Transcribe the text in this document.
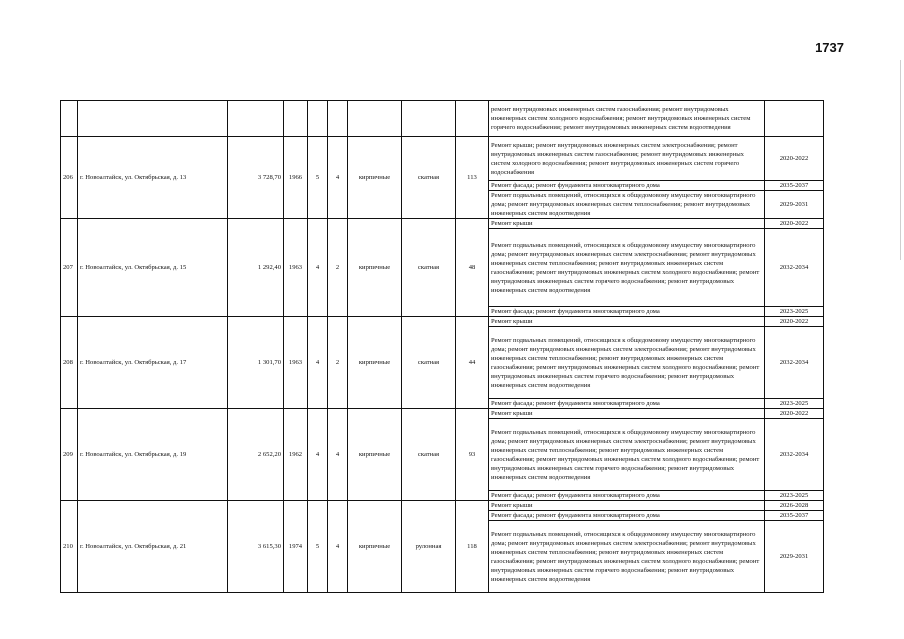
1737
									ремонт внутридомовых инженерных систем газоснабжения; ремонт внутридомовых инженерных систем холодного водоснабжения; ремонт внутридомовых инженерных систем горячего водоснабжения; ремонт внутридомовых инженерных систем водоотведения	
206	г. Новоалтайск, ул. Октябрьская, д. 13	3 728,70	1966	5	4	кирпичные	скатная	113	Ремонт крыши; ремонт внутридомовых инженерных систем электроснабжения; ремонт внутридомовых инженерных систем газоснабжения; ремонт внутридомовых инженерных систем холодного водоснабжения; ремонт внутридомовых инженерных систем горячего водоснабжения	2020-2022
									Ремонт фасада; ремонт фундамента многоквартирного дома	2035-2037
									Ремонт подвальных помещений, относящихся к общедомовому имуществу многоквартирного дома; ремонт внутридомовых инженерных систем теплоснабжения; ремонт внутридомовых инженерных систем водоотведения	2029-2031
207	г. Новоалтайск, ул. Октябрьская, д. 15	1 292,40	1963	4	2	кирпичные	скатная	48	Ремонт крыши	2020-2022
									Ремонт подвальных помещений, относящихся к общедомовому имуществу многоквартирного дома; ремонт внутридомовых инженерных систем электроснабжения; ремонт внутридомовых инженерных систем теплоснабжения; ремонт внутридомовых инженерных систем газоснабжения; ремонт внутридомовых инженерных систем холодного водоснабжения; ремонт внутридомовых инженерных систем горячего водоснабжения; ремонт внутридомовых инженерных систем водоотведения	2032-2034
									Ремонт фасада; ремонт фундамента многоквартирного дома	2023-2025
208	г. Новоалтайск, ул. Октябрьская, д. 17	1 301,70	1963	4	2	кирпичные	скатная	44	Ремонт крыши	2020-2022
									Ремонт подвальных помещений, относящихся к общедомовому имуществу многоквартирного дома; ремонт внутридомовых инженерных систем электроснабжения; ремонт внутридомовых инженерных систем теплоснабжения; ремонт внутридомовых инженерных систем газоснабжения; ремонт внутридомовых инженерных систем холодного водоснабжения; ремонт внутридомовых инженерных систем горячего водоснабжения; ремонт внутридомовых инженерных систем водоотведения	2032-2034
									Ремонт фасада; ремонт фундамента многоквартирного дома	2023-2025
209	г. Новоалтайск, ул. Октябрьская, д. 19	2 652,20	1962	4	4	кирпичные	скатная	93	Ремонт крыши	2020-2022
									Ремонт подвальных помещений, относящихся к общедомовому имуществу многоквартирного дома; ремонт внутридомовых инженерных систем электроснабжения; ремонт внутридомовых инженерных систем теплоснабжения; ремонт внутридомовых инженерных систем газоснабжения; ремонт внутридомовых инженерных систем холодного водоснабжения; ремонт внутридомовых инженерных систем горячего водоснабжения; ремонт внутридомовых инженерных систем водоотведения	2032-2034
									Ремонт фасада; ремонт фундамента многоквартирного дома	2023-2025
210	г. Новоалтайск, ул. Октябрьская, д. 21	3 615,30	1974	5	4	кирпичные	рулонная	118	Ремонт крыши	2026-2028
									Ремонт фасада; ремонт фундамента многоквартирного дома	2035-2037
									Ремонт подвальных помещений, относящихся к общедомовому имуществу многоквартирного дома; ремонт внутридомовых инженерных систем электроснабжения; ремонт внутридомовых инженерных систем теплоснабжения; ремонт внутридомовых инженерных систем газоснабжения; ремонт внутридомовых инженерных систем холодного водоснабжения; ремонт внутридомовых инженерных систем горячего водоснабжения; ремонт внутридомовых инженерных систем водоотведения	2029-2031
